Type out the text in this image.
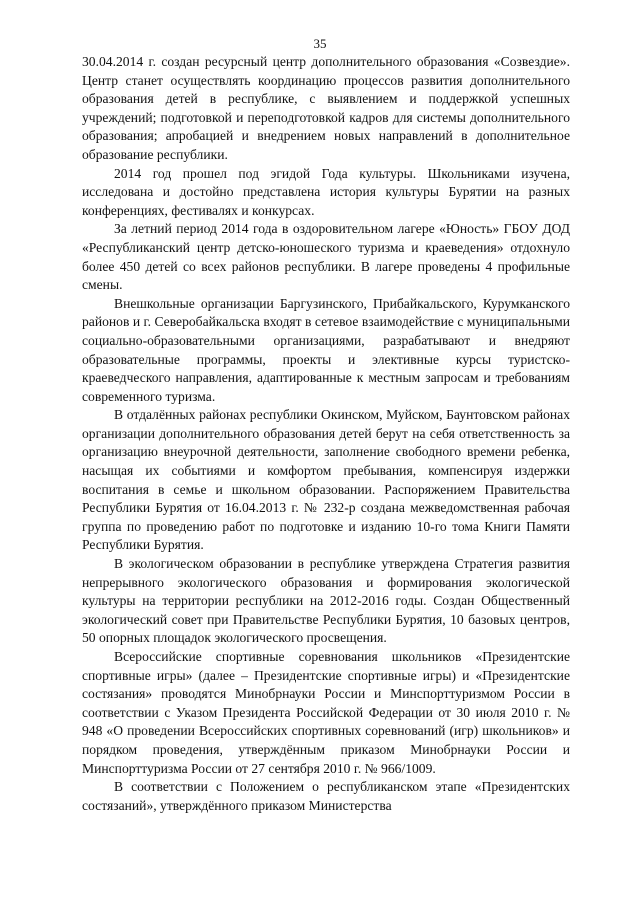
35

30.04.2014 г. создан ресурсный центр дополнительного образования «Созвездие». Центр станет осуществлять координацию процессов развития дополнительного образования детей в республике, с выявлением и поддержкой успешных учреждений; подготовкой и переподготовкой кадров для системы дополнительного образования; апробацией и внедрением новых направлений в дополнительное образование республики.

2014 год прошел под эгидой Года культуры. Школьниками изучена, исследована и достойно представлена история культуры Бурятии на разных конференциях, фестивалях и конкурсах.

За летний период 2014 года в оздоровительном лагере «Юность» ГБОУ ДОД «Республиканский центр детско-юношеского туризма и краеведения» отдохнуло более 450 детей со всех районов республики. В лагере проведены 4 профильные смены.

Внешкольные организации Баргузинского, Прибайкальского, Курумканского районов и г. Северобайкальска входят в сетевое взаимодействие с муниципальными социально-образовательными организациями, разрабатывают и внедряют образовательные программы, проекты и элективные курсы туристско-краеведческого направления, адаптированные к местным запросам и требованиям современного туризма.

В отдалённых районах республики Окинском, Муйском, Баунтовском районах организации дополнительного образования детей берут на себя ответственность за организацию внеурочной деятельности, заполнение свободного времени ребенка, насыщая их событиями и комфортом пребывания, компенсируя издержки воспитания в семье и школьном образовании. Распоряжением Правительства Республики Бурятия от 16.04.2013 г. № 232-р создана межведомственная рабочая группа по проведению работ по подготовке и изданию 10-го тома Книги Памяти Республики Бурятия.

В экологическом образовании в республике утверждена Стратегия развития непрерывного экологического образования и формирования экологической культуры на территории республики на 2012-2016 годы. Создан Общественный экологический совет при Правительстве Республики Бурятия, 10 базовых центров, 50 опорных площадок экологического просвещения.

Всероссийские спортивные соревнования школьников «Президентские спортивные игры» (далее – Президентские спортивные игры) и «Президентские состязания» проводятся Минобрнауки России и Минспорттуризмом России в соответствии с Указом Президента Российской Федерации от 30 июля 2010 г. № 948 «О проведении Всероссийских спортивных соревнований (игр) школьников» и порядком проведения, утверждённым приказом Минобрнауки России и Минспорттуризма России от 27 сентября 2010 г. № 966/1009.

В соответствии с Положением о республиканском этапе «Президентских состязаний», утверждённого приказом Министерства
